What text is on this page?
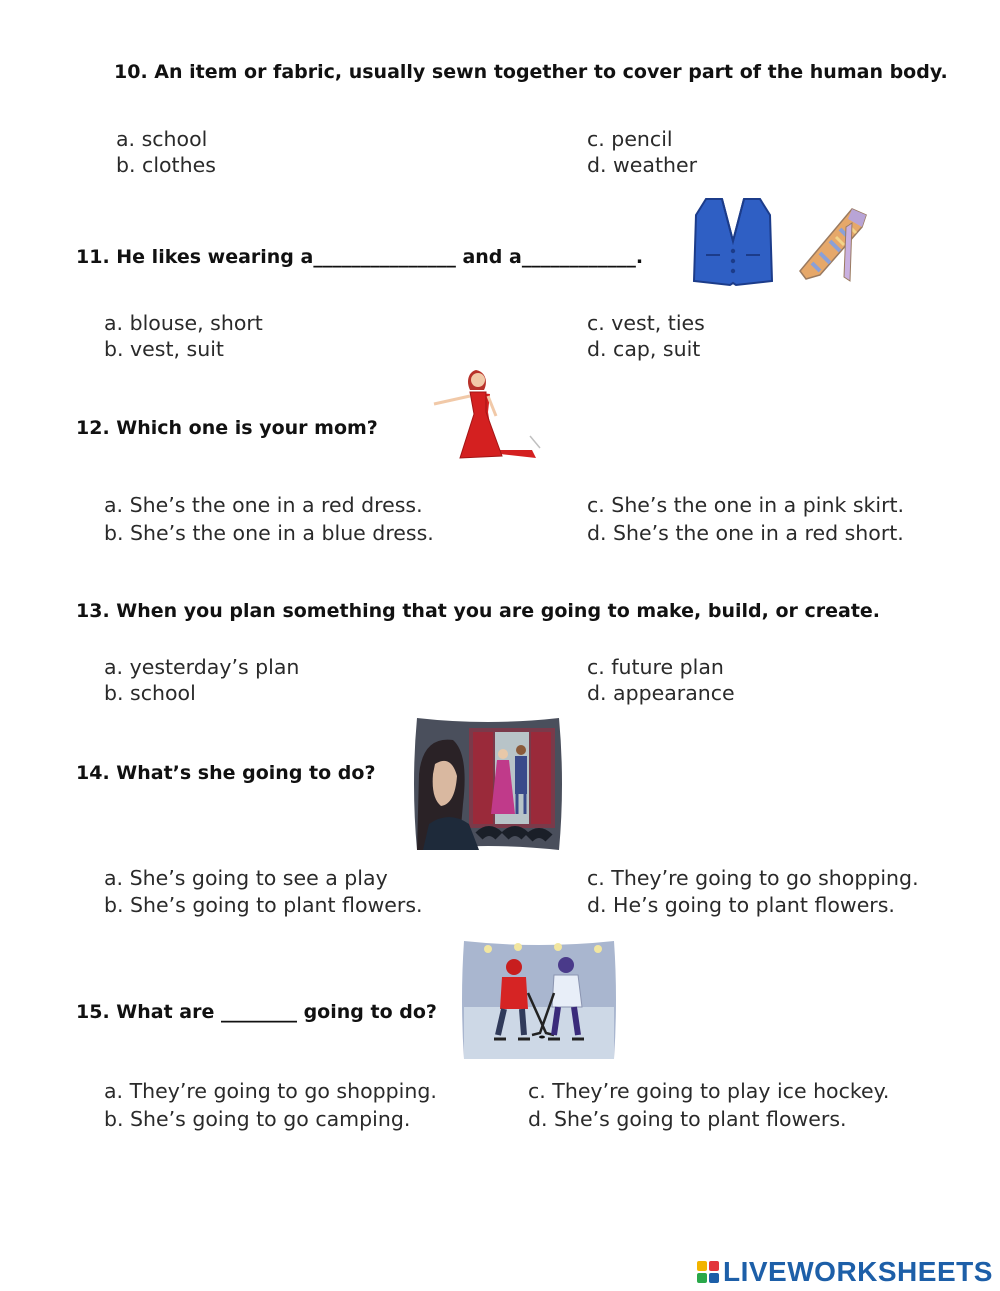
10. An item or fabric, usually sewn together to cover part of the human body.
a. school
b. clothes
c. pencil
d. weather
11. He likes wearing a_______________ and a____________.
a. blouse, short
b. vest, suit
c. vest, ties
d. cap, suit
12. Which one is your mom?
a. She’s the one in a red dress.
b. She’s the one in a blue dress.
c. She’s the one in a pink skirt.
d. She’s the one in a red short.
13. When you plan something that you are going to make, build, or create.
a. yesterday’s plan
b. school
c. future plan
d. appearance
14. What’s she going to do?
a. She’s going to see a play
b. She’s going to plant flowers.
c. They’re going to go shopping.
d. He’s going to plant flowers.
15. What are ________ going to do?
a. They’re going to go shopping.
b. She’s going to go camping.
c. They’re going to play ice hockey.
d. She’s going to plant flowers.
LIVEWORKSHEETS
